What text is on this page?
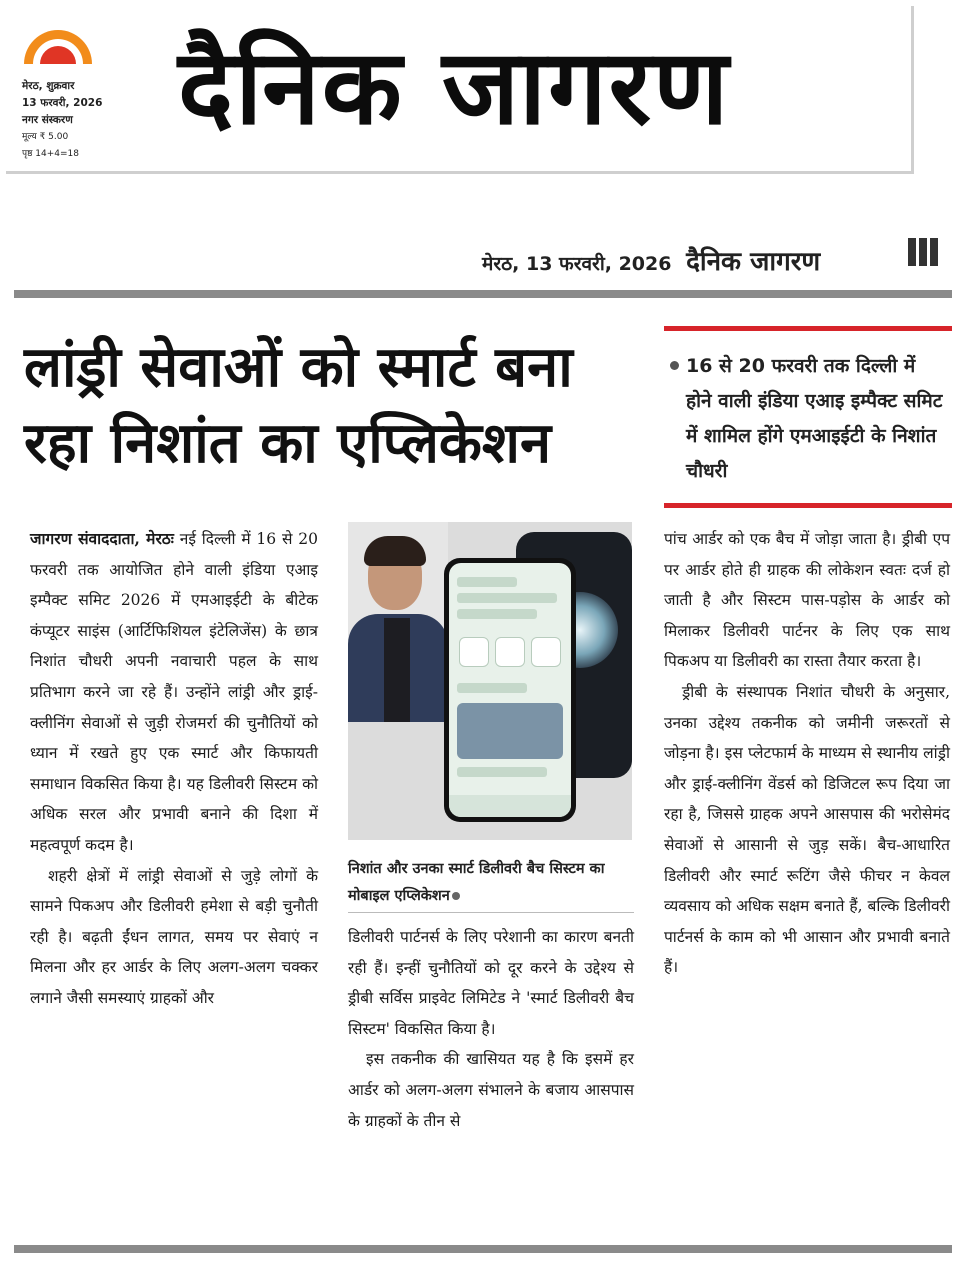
मेरठ, शुक्रवार
13 फरवरी, 2026
नगर संस्करण
मूल्य ₹ 5.00
पृष्ठ 14+4=18
दैनिक जागरण
मेरठ, 13 फरवरी, 2026 दैनिक जागरण
लांड्री सेवाओं को स्मार्ट बना रहा निशांत का एप्लिकेशन
16 से 20 फरवरी तक दिल्ली में होने वाली इंडिया एआइ इम्पैक्ट समिट में शामिल होंगे एमआइईटी के निशांत चौधरी

जागरण संवाददाता, मेरठः नई दिल्ली में 16 से 20 फरवरी तक आयोजित होने वाली इंडिया एआइ इम्पैक्ट समिट 2026 में एमआइईटी के बीटेक कंप्यूटर साइंस (आर्टिफिशियल इंटेलिजेंस) के छात्र निशांत चौधरी अपनी नवाचारी पहल के साथ प्रतिभाग करने जा रहे हैं। उन्होंने लांड्री और ड्राई-क्लीनिंग सेवाओं से जुड़ी रोजमर्रा की चुनौतियों को ध्यान में रखते हुए एक स्मार्ट और किफायती समाधान विकसित किया है। यह डिलीवरी सिस्टम को अधिक सरल और प्रभावी बनाने की दिशा में महत्वपूर्ण कदम है।

शहरी क्षेत्रों में लांड्री सेवाओं से जुड़े लोगों के सामने पिकअप और डिलीवरी हमेशा से बड़ी चुनौती रही है। बढ़ती ईंधन लागत, समय पर सेवाएं न मिलना और हर आर्डर के लिए अलग-अलग चक्कर लगाने जैसी समस्याएं ग्राहकों और

निशांत और उनका स्मार्ट डिलीवरी बैच सिस्टम का मोबाइल एप्लिकेशन

डिलीवरी पार्टनर्स के लिए परेशानी का कारण बनती रही हैं। इन्हीं चुनौतियों को दूर करने के उद्देश्य से ड्रीबी सर्विस प्राइवेट लिमिटेड ने 'स्मार्ट डिलीवरी बैच सिस्टम' विकसित किया है।

इस तकनीक की खासियत यह है कि इसमें हर आर्डर को अलग-अलग संभालने के बजाय आसपास के ग्राहकों के तीन से

पांच आर्डर को एक बैच में जोड़ा जाता है। ड्रीबी एप पर आर्डर होते ही ग्राहक की लोकेशन स्वतः दर्ज हो जाती है और सिस्टम पास-पड़ोस के आर्डर को मिलाकर डिलीवरी पार्टनर के लिए एक साथ पिकअप या डिलीवरी का रास्ता तैयार करता है।

ड्रीबी के संस्थापक निशांत चौधरी के अनुसार, उनका उद्देश्य तकनीक को जमीनी जरूरतों से जोड़ना है। इस प्लेटफार्म के माध्यम से स्थानीय लांड्री और ड्राई-क्लीनिंग वेंडर्स को डिजिटल रूप दिया जा रहा है, जिससे ग्राहक अपने आसपास की भरोसेमंद सेवाओं से आसानी से जुड़ सकें। बैच-आधारित डिलीवरी और स्मार्ट रूटिंग जैसे फीचर न केवल व्यवसाय को अधिक सक्षम बनाते हैं, बल्कि डिलीवरी पार्टनर्स के काम को भी आसान और प्रभावी बनाते हैं।
